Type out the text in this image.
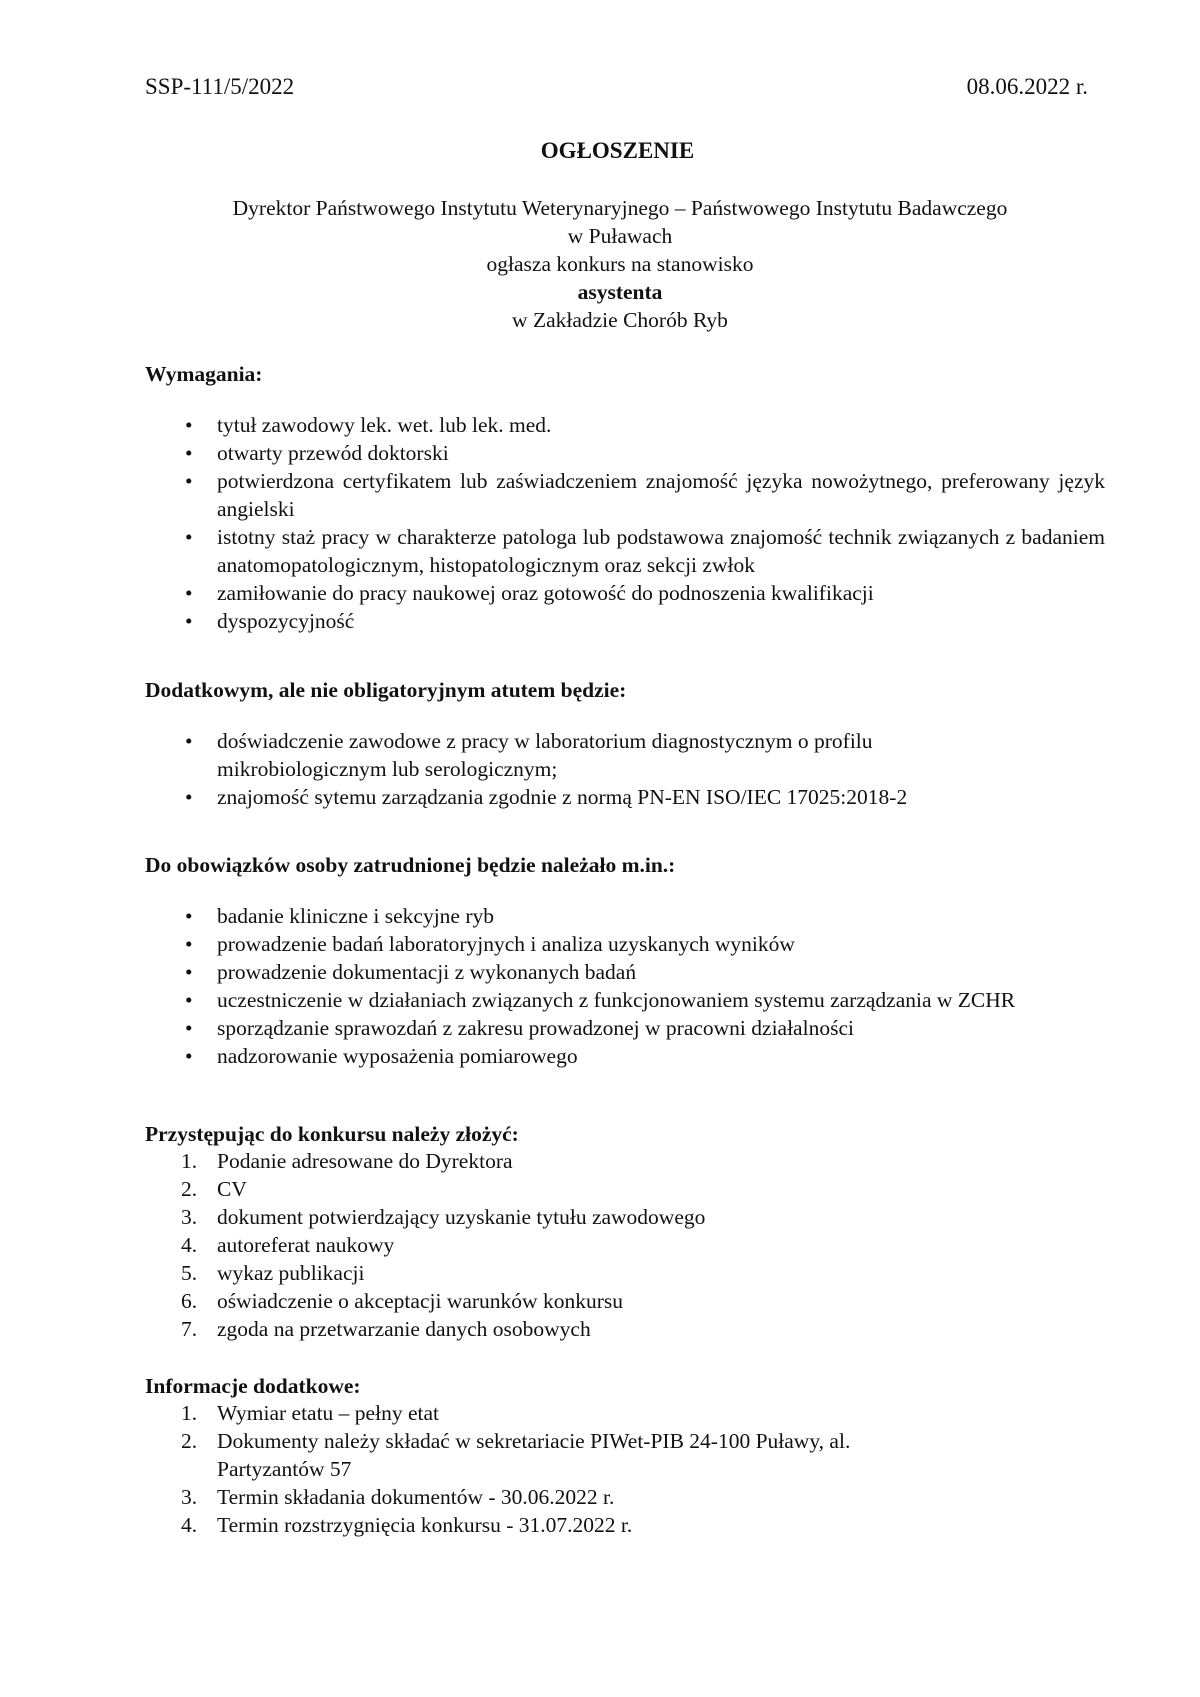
SSP-111/5/2022	08.06.2022 r.
OGŁOSZENIE
Dyrektor Państwowego Instytutu Weterynaryjnego – Państwowego Instytutu Badawczego
w Puławach
ogłasza konkurs na stanowisko
asystenta
w Zakładzie Chorób Ryb
Wymagania:
• tytuł zawodowy lek. wet. lub lek. med.
• otwarty przewód doktorski
• potwierdzona certyfikatem lub zaświadczeniem znajomość języka nowożytnego, preferowany język angielski
• istotny staż pracy w charakterze patologa lub podstawowa znajomość technik związanych z badaniem anatomopatologicznym, histopatologicznym oraz sekcji zwłok
• zamiłowanie do pracy naukowej oraz gotowość do podnoszenia kwalifikacji
• dyspozycyjność
Dodatkowym, ale nie obligatoryjnym atutem będzie:
• doświadczenie zawodowe z pracy w laboratorium diagnostycznym o profilu mikrobiologicznym lub serologicznym;
• znajomość sytemu zarządzania zgodnie z normą PN-EN ISO/IEC 17025:2018-2
Do obowiązków osoby zatrudnionej będzie należało m.in.:
• badanie kliniczne i sekcyjne ryb
• prowadzenie badań laboratoryjnych i analiza uzyskanych wyników
• prowadzenie dokumentacji z wykonanych badań
• uczestniczenie w działaniach związanych z funkcjonowaniem systemu zarządzania w ZCHR
• sporządzanie sprawozdań z zakresu prowadzonej w pracowni działalności
• nadzorowanie wyposażenia pomiarowego
Przystępując do konkursu należy złożyć:
1. Podanie adresowane do Dyrektora
2. CV
3. dokument potwierdzający uzyskanie tytułu zawodowego
4. autoreferat naukowy
5. wykaz publikacji
6. oświadczenie o akceptacji warunków konkursu
7. zgoda na przetwarzanie danych osobowych
Informacje dodatkowe:
1. Wymiar etatu – pełny etat
2. Dokumenty należy składać w sekretariacie PIWet-PIB 24-100 Puławy, al. Partyzantów 57
3. Termin składania dokumentów - 30.06.2022 r.
4. Termin rozstrzygnięcia konkursu - 31.07.2022 r.
